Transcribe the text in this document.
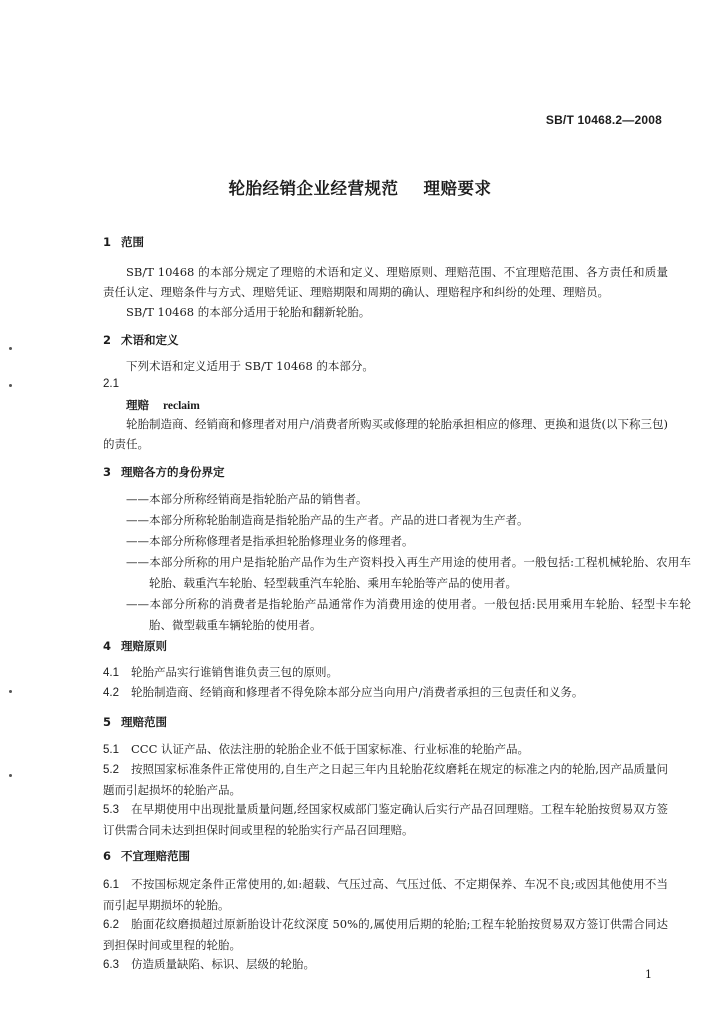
SB/T 10468.2—2008
轮胎经销企业经营规范    理赔要求
1 范围
SB/T 10468 的本部分规定了理赔的术语和定义、理赔原则、理赔范围、不宜理赔范围、各方责任和质量责任认定、理赔条件与方式、理赔凭证、理赔期限和周期的确认、理赔程序和纠纷的处理、理赔员。
SB/T 10468 的本部分适用于轮胎和翻新轮胎。
2 术语和定义
下列术语和定义适用于 SB/T 10468 的本部分。
2.1
理赔 reclaim
轮胎制造商、经销商和修理者对用户/消费者所购买或修理的轮胎承担相应的修理、更换和退货(以下称三包)的责任。
3 理赔各方的身份界定
——本部分所称经销商是指轮胎产品的销售者。
——本部分所称轮胎制造商是指轮胎产品的生产者。产品的进口者视为生产者。
——本部分所称修理者是指承担轮胎修理业务的修理者。
——本部分所称的用户是指轮胎产品作为生产资料投入再生产用途的使用者。一般包括:工程机械轮胎、农用车轮胎、载重汽车轮胎、轻型载重汽车轮胎、乘用车轮胎等产品的使用者。
——本部分所称的消费者是指轮胎产品通常作为消费用途的使用者。一般包括:民用乘用车轮胎、轻型卡车轮胎、微型载重车辆轮胎的使用者。
4 理赔原则
4.1 轮胎产品实行谁销售谁负责三包的原则。
4.2 轮胎制造商、经销商和修理者不得免除本部分应当向用户/消费者承担的三包责任和义务。
5 理赔范围
5.1 CCC 认证产品、依法注册的轮胎企业不低于国家标准、行业标准的轮胎产品。
5.2 按照国家标准条件正常使用的,自生产之日起三年内且轮胎花纹磨耗在规定的标准之内的轮胎,因产品质量问题而引起损坏的轮胎产品。
5.3 在早期使用中出现批量质量问题,经国家权威部门鉴定确认后实行产品召回理赔。工程车轮胎按贸易双方签订供需合同未达到担保时间或里程的轮胎实行产品召回理赔。
6 不宜理赔范围
6.1 不按国标规定条件正常使用的,如:超载、气压过高、气压过低、不定期保养、车况不良;或因其他使用不当而引起早期损坏的轮胎。
6.2 胎面花纹磨损超过原新胎设计花纹深度 50%的,属使用后期的轮胎;工程车轮胎按贸易双方签订供需合同达到担保时间或里程的轮胎。
6.3 仿造质量缺陷、标识、层级的轮胎。
1
